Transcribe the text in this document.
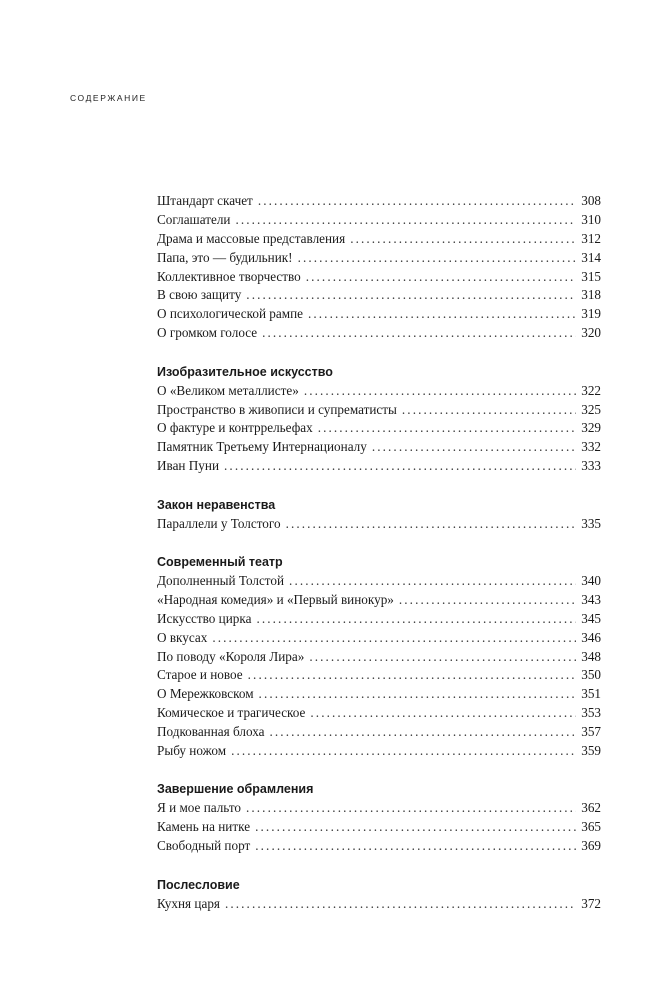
СОДЕРЖАНИЕ
Штандарт скачет . . .	308
Соглашатели . . .	310
Драма и массовые представления . . .	312
Папа, это — будильник! . . .	314
Коллективное творчество . . .	315
В свою защиту . . .	318
О психологической рампе . . .	319
О громком голосе . . .	320
Изобразительное искусство
О «Великом металлисте» . . .	322
Пространство в живописи и супрематисты . . .	325
О фактуре и контррельефах . . .	329
Памятник Третьему Интернационалу . . .	332
Иван Пуни . . .	333
Закон неравенства
Параллели у Толстого . . .	335
Современный театр
Дополненный Толстой . . .	340
«Народная комедия» и «Первый винокур» . . .	343
Искусство цирка . . .	345
О вкусах . . .	346
По поводу «Короля Лира» . . .	348
Старое и новое . . .	350
О Мережковском . . .	351
Комическое и трагическое . . .	353
Подкованная блоха . . .	357
Рыбу ножом . . .	359
Завершение обрамления
Я и мое пальто . . .	362
Камень на нитке . . .	365
Свободный порт . . .	369
Послесловие
Кухня царя . . .	372
